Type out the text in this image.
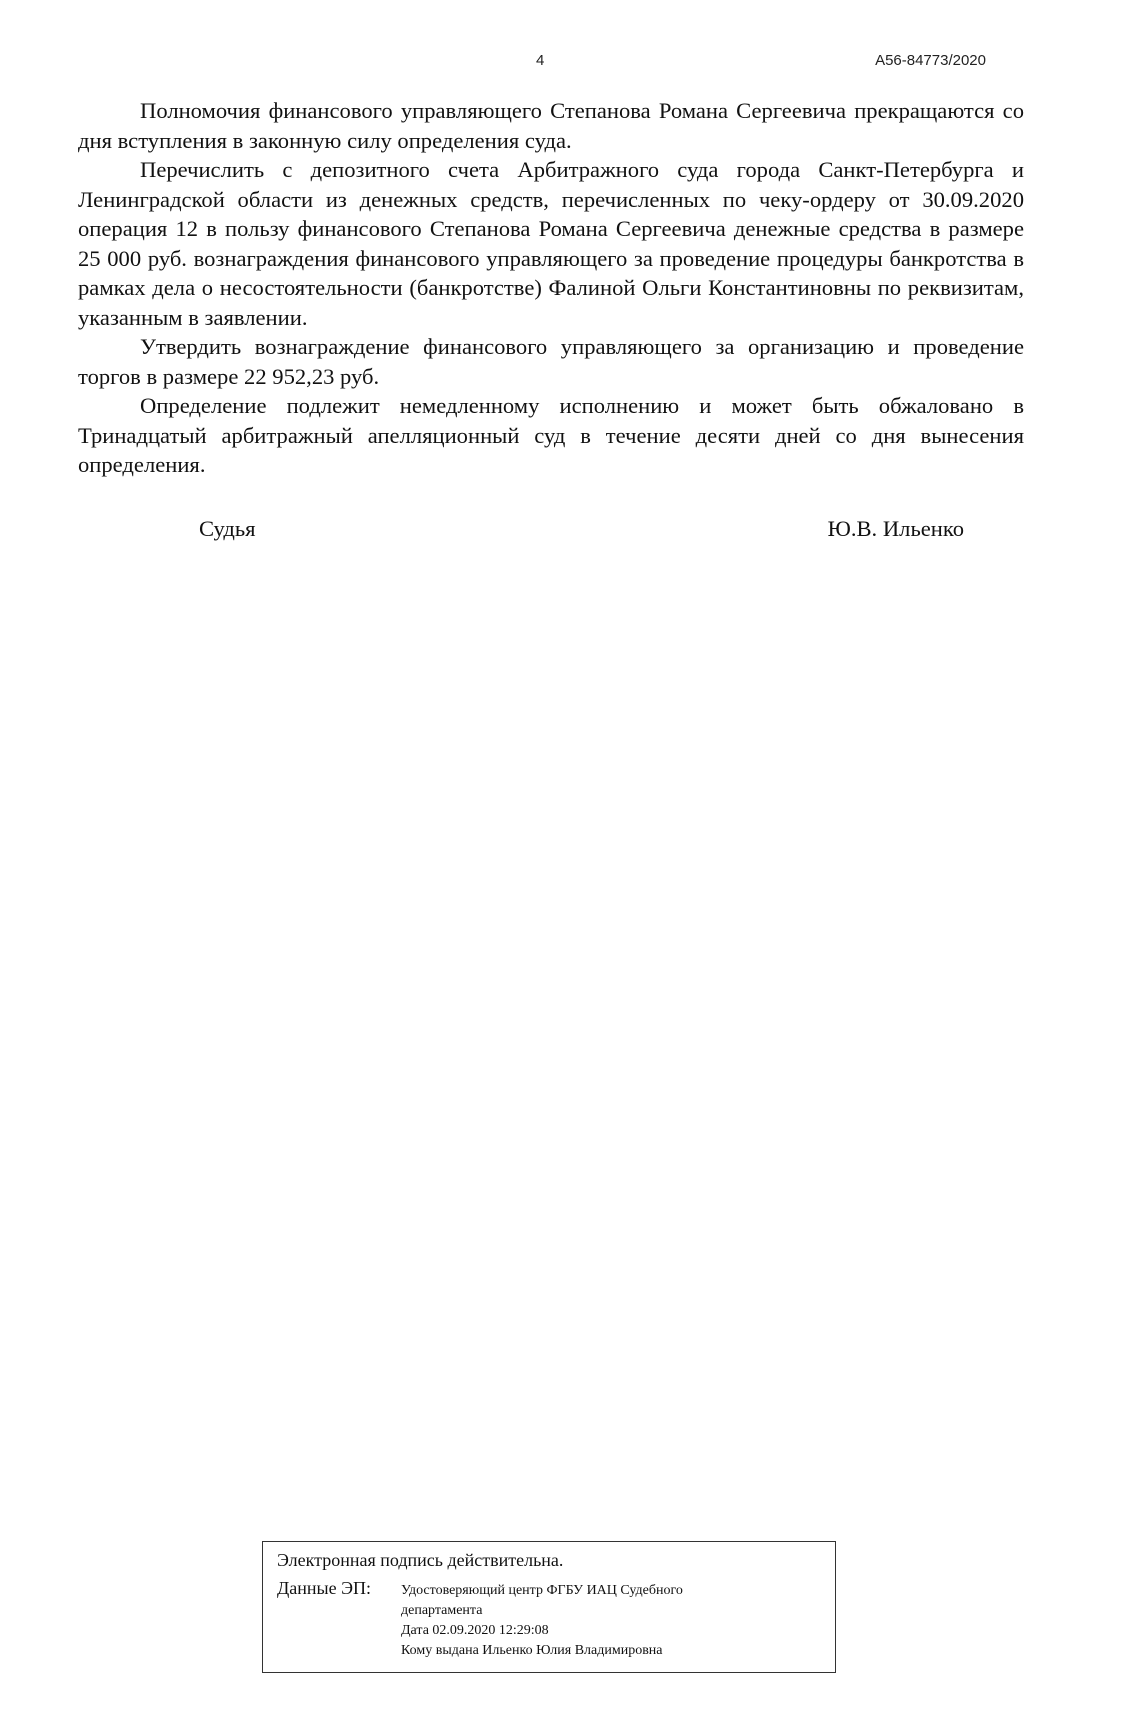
4	А56-84773/2020

Полномочия финансового управляющего Степанова Романа Сергеевича прекращаются со дня вступления в законную силу определения суда.

Перечислить с депозитного счета Арбитражного суда города Санкт-Петербурга и Ленинградской области из денежных средств, перечисленных по чеку-ордеру от 30.09.2020 операция 12 в пользу финансового Степанова Романа Сергеевича денежные средства в размере 25 000 руб. вознаграждения финансового управляющего за проведение процедуры банкротства в рамках дела о несостоятельности (банкротстве) Фалиной Ольги Константиновны по реквизитам, указанным в заявлении.

Утвердить вознаграждение финансового управляющего за организацию и проведение торгов в размере 22 952,23 руб.

Определение подлежит немедленному исполнению и может быть обжаловано в Тринадцатый арбитражный апелляционный суд в течение десяти дней со дня вынесения определения.

Судья	Ю.В. Ильенко
Электронная подпись действительна.
Данные ЭП: Удостоверяющий центр ФГБУ ИАЦ Судебного
департамента
Дата 02.09.2020 12:29:08
Кому выдана Ильенко Юлия Владимировна
